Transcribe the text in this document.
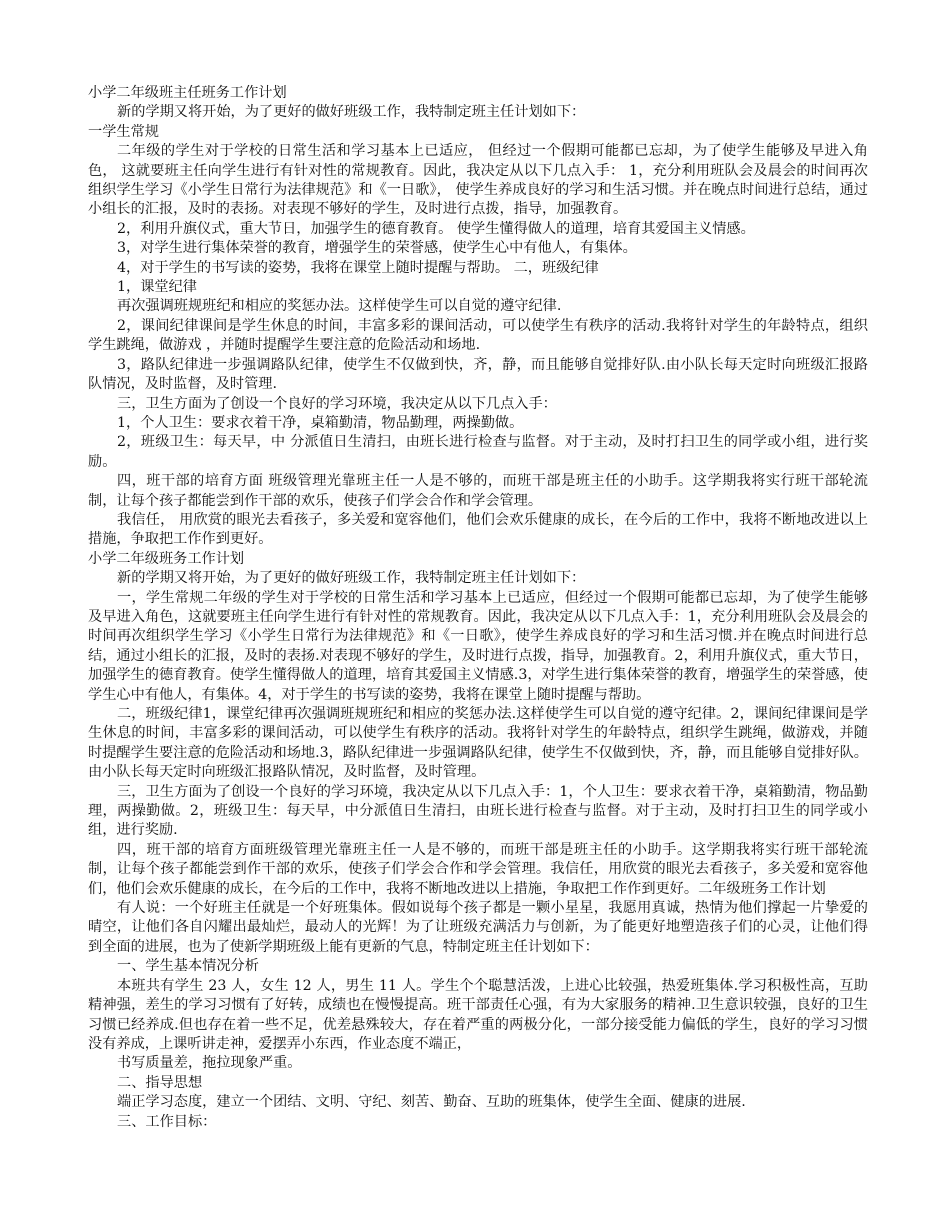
小学二年级班主任班务工作计划

新的学期又将开始，为了更好的做好班级工作，我特制定班主任计划如下：

一学生常规

二年级的学生对于学校的日常生活和学习基本上已适应， 但经过一个假期可能都已忘却，为了使学生能够及早进入角色， 这就要班主任向学生进行有针对性的常规教育。因此，我决定从以下几点入手： 1，充分利用班队会及晨会的时间再次组织学生学习《小学生日常行为法律规范》和《一日歌》， 使学生养成良好的学习和生活习惯。并在晚点时间进行总结，通过小组长的汇报，及时的表扬。对表现不够好的学生，及时进行点拨，指导，加强教育。

2，利用升旗仪式，重大节日，加强学生的德育教育。 使学生懂得做人的道理，培育其爱国主义情感。

3，对学生进行集体荣誉的教育，增强学生的荣誉感，使学生心中有他人，有集体。

4，对于学生的书写读的姿势，我将在课堂上随时提醒与帮助。 二，班级纪律

1，课堂纪律

再次强调班规班纪和相应的奖惩办法。这样使学生可以自觉的遵守纪律.

2，课间纪律课间是学生休息的时间，丰富多彩的课间活动，可以使学生有秩序的活动.我将针对学生的年龄特点，组织学生跳绳，做游戏 ，并随时提醒学生要注意的危险活动和场地.

3，路队纪律进一步强调路队纪律，使学生不仅做到快，齐，静，而且能够自觉排好队.由小队长每天定时向班级汇报路队情况，及时监督，及时管理.

三，卫生方面为了创设一个良好的学习环境，我决定从以下几点入手：

1，个人卫生：要求衣着干净，桌箱勤清，物品勤理，两操勤做。

2，班级卫生：每天早，中 分派值日生清扫，由班长进行检查与监督。对于主动，及时打扫卫生的同学或小组，进行奖励。

四，班干部的培育方面 班级管理光靠班主任一人是不够的，而班干部是班主任的小助手。这学期我将实行班干部轮流制，让每个孩子都能尝到作干部的欢乐，使孩子们学会合作和学会管理。

我信任， 用欣赏的眼光去看孩子，多关爱和宽容他们，他们会欢乐健康的成长，在今后的工作中，我将不断地改进以上措施，争取把工作作到更好。

小学二年级班务工作计划

新的学期又将开始，为了更好的做好班级工作，我特制定班主任计划如下：

一，学生常规二年级的学生对于学校的日常生活和学习基本上已适应，但经过一个假期可能都已忘却，为了使学生能够及早进入角色，这就要班主任向学生进行有针对性的常规教育。因此，我决定从以下几点入手：1，充分利用班队会及晨会的时间再次组织学生学习《小学生日常行为法律规范》和《一日歌》，使学生养成良好的学习和生活习惯.并在晚点时间进行总结，通过小组长的汇报，及时的表扬.对表现不够好的学生，及时进行点拨，指导，加强教育。2，利用升旗仪式，重大节日，加强学生的德育教育。使学生懂得做人的道理，培育其爱国主义情感.3，对学生进行集体荣誉的教育，增强学生的荣誉感，使学生心中有他人，有集体。4，对于学生的书写读的姿势，我将在课堂上随时提醒与帮助。

二，班级纪律1，课堂纪律再次强调班规班纪和相应的奖惩办法.这样使学生可以自觉的遵守纪律。2，课间纪律课间是学生休息的时间，丰富多彩的课间活动，可以使学生有秩序的活动。我将针对学生的年龄特点，组织学生跳绳，做游戏，并随时提醒学生要注意的危险活动和场地.3，路队纪律进一步强调路队纪律，使学生不仅做到快，齐，静，而且能够自觉排好队。由小队长每天定时向班级汇报路队情况，及时监督，及时管理。

三，卫生方面为了创设一个良好的学习环境，我决定从以下几点入手：1，个人卫生：要求衣着干净，桌箱勤清，物品勤理，两操勤做。2，班级卫生：每天早，中分派值日生清扫，由班长进行检查与监督。对于主动，及时打扫卫生的同学或小组，进行奖励.

四，班干部的培育方面班级管理光靠班主任一人是不够的，而班干部是班主任的小助手。这学期我将实行班干部轮流制，让每个孩子都能尝到作干部的欢乐，使孩子们学会合作和学会管理。我信任，用欣赏的眼光去看孩子，多关爱和宽容他们，他们会欢乐健康的成长，在今后的工作中，我将不断地改进以上措施，争取把工作作到更好。二年级班务工作计划

有人说：一个好班主任就是一个好班集体。假如说每个孩子都是一颗小星星，我愿用真诚，热情为他们撑起一片挚爱的晴空，让他们各自闪耀出最灿烂，最动人的光辉！为了让班级充满活力与创新，为了能更好地塑造孩子们的心灵，让他们得到全面的进展，也为了使新学期班级上能有更新的气息，特制定班主任计划如下：

一、学生基本情况分析

本班共有学生 23 人，女生 12 人，男生 11 人。学生个个聪慧活泼，上进心比较强，热爱班集体.学习积极性高，互助精神强，差生的学习习惯有了好转，成绩也在慢慢提高。班干部责任心强，有为大家服务的精神.卫生意识较强，良好的卫生习惯已经养成.但也存在着一些不足，优差悬殊较大，存在着严重的两极分化，一部分接受能力偏低的学生，良好的学习习惯没有养成，上课听讲走神，爱摆弄小东西，作业态度不端正，

书写质量差，拖拉现象严重。

二、指导思想

端正学习态度，建立一个团结、文明、守纪、刻苦、勤奋、互助的班集体，使学生全面、健康的进展.

三、工作目标：
